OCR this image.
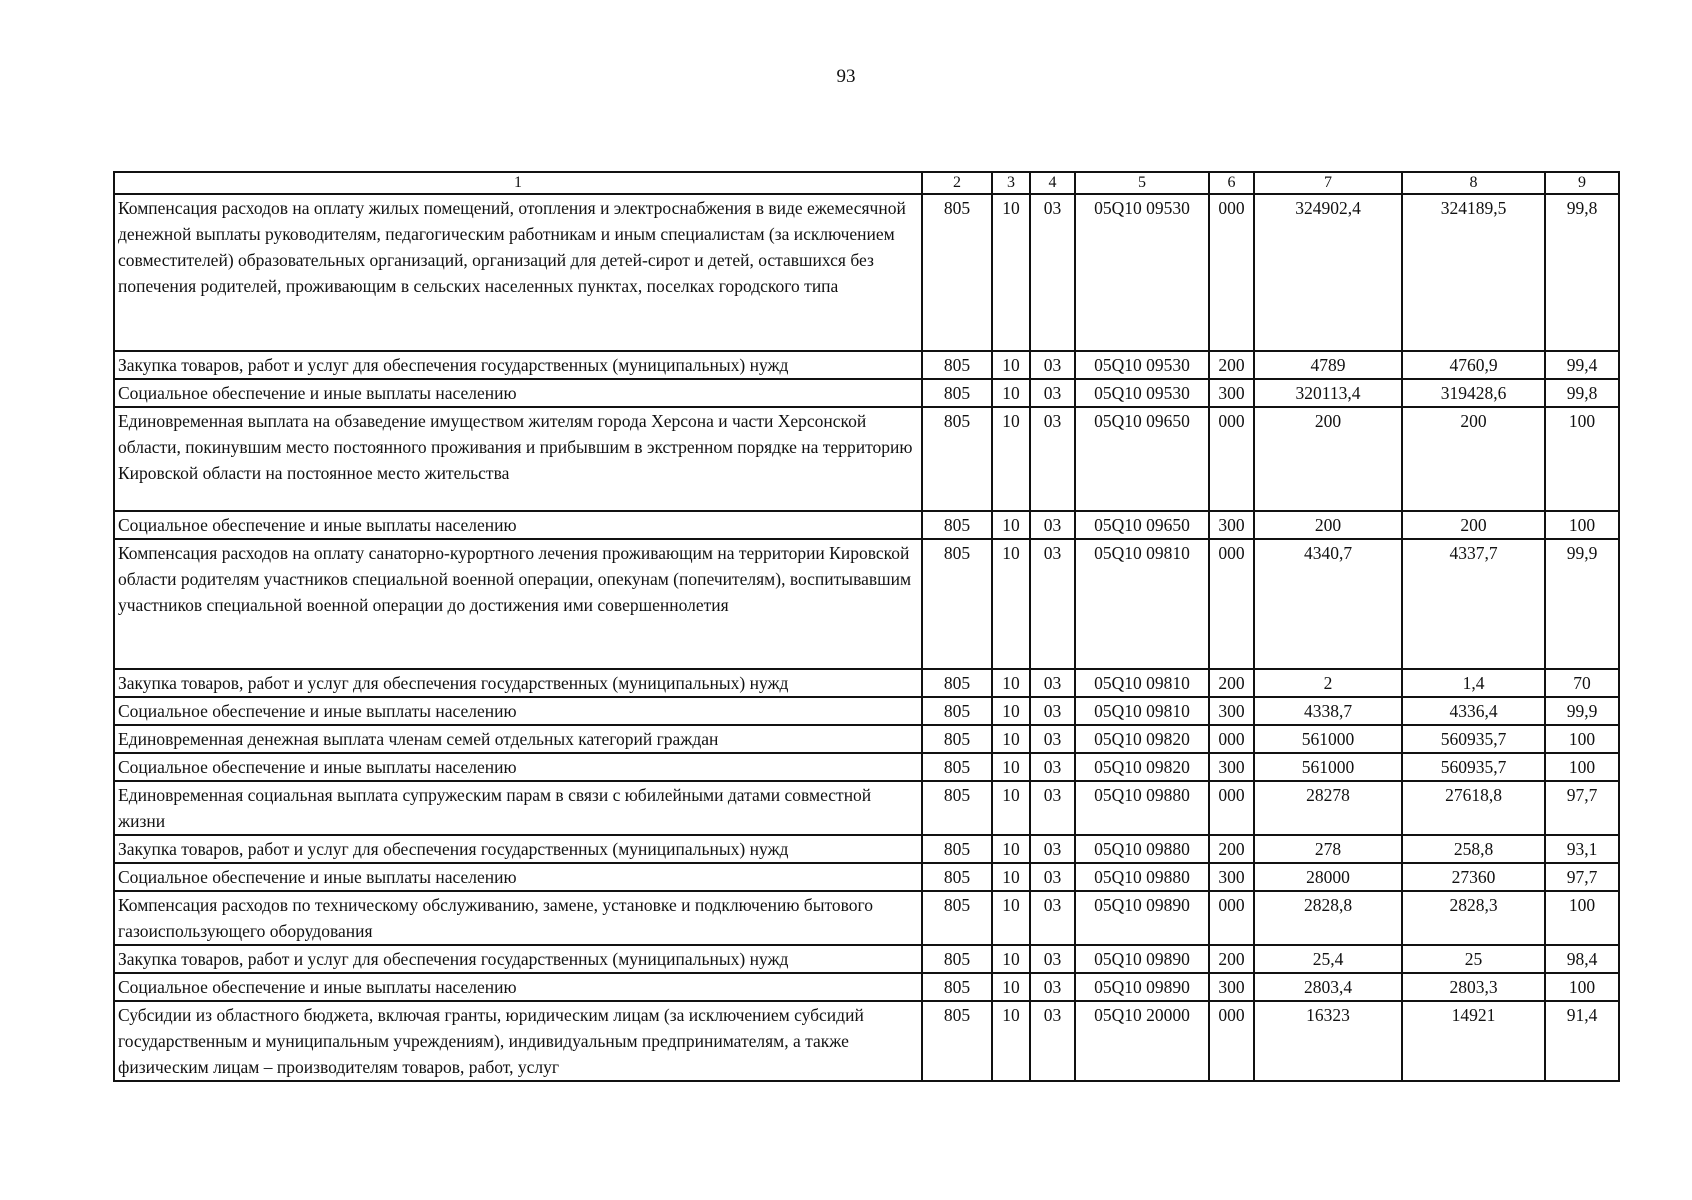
93
1	2	3	4	5	6	7	8	9
Компенсация расходов на оплату жилых помещений, отопления и электроснабжения в виде ежемесячной денежной выплаты руководителям, педагогическим работникам и иным специалистам (за исключением совместителей) образовательных организаций, организаций для детей-сирот и детей, оставшихся без попечения родителей, проживающим в сельских населенных пунктах, поселках городского типа	805	10	03	05Q10 09530	000	324902,4	324189,5	99,8
Закупка товаров, работ и услуг для обеспечения государственных (муниципальных) нужд	805	10	03	05Q10 09530	200	4789	4760,9	99,4
Социальное обеспечение и иные выплаты населению	805	10	03	05Q10 09530	300	320113,4	319428,6	99,8
Единовременная выплата на обзаведение имуществом жителям города Херсона и части Херсонской области, покинувшим место постоянного проживания и прибывшим в экстренном порядке на территорию Кировской области на постоянное место жительства	805	10	03	05Q10 09650	000	200	200	100
Социальное обеспечение и иные выплаты населению	805	10	03	05Q10 09650	300	200	200	100
Компенсация расходов на оплату санаторно-курортного лечения проживающим на территории Кировской области родителям участников специальной военной операции, опекунам (попечителям), воспитывавшим участников специальной военной операции до достижения ими совершеннолетия	805	10	03	05Q10 09810	000	4340,7	4337,7	99,9
Закупка товаров, работ и услуг для обеспечения государственных (муниципальных) нужд	805	10	03	05Q10 09810	200	2	1,4	70
Социальное обеспечение и иные выплаты населению	805	10	03	05Q10 09810	300	4338,7	4336,4	99,9
Единовременная денежная выплата членам семей отдельных категорий граждан	805	10	03	05Q10 09820	000	561000	560935,7	100
Социальное обеспечение и иные выплаты населению	805	10	03	05Q10 09820	300	561000	560935,7	100
Единовременная социальная выплата супружеским парам в связи с юбилейными датами совместной жизни	805	10	03	05Q10 09880	000	28278	27618,8	97,7
Закупка товаров, работ и услуг для обеспечения государственных (муниципальных) нужд	805	10	03	05Q10 09880	200	278	258,8	93,1
Социальное обеспечение и иные выплаты населению	805	10	03	05Q10 09880	300	28000	27360	97,7
Компенсация расходов по техническому обслуживанию, замене, установке и подключению бытового газоиспользующего оборудования	805	10	03	05Q10 09890	000	2828,8	2828,3	100
Закупка товаров, работ и услуг для обеспечения государственных (муниципальных) нужд	805	10	03	05Q10 09890	200	25,4	25	98,4
Социальное обеспечение и иные выплаты населению	805	10	03	05Q10 09890	300	2803,4	2803,3	100
Субсидии из областного бюджета, включая гранты, юридическим лицам (за исключением субсидий государственным и муниципальным учреждениям), индивидуальным предпринимателям, а также физическим лицам – производителям товаров, работ, услуг	805	10	03	05Q10 20000	000	16323	14921	91,4
